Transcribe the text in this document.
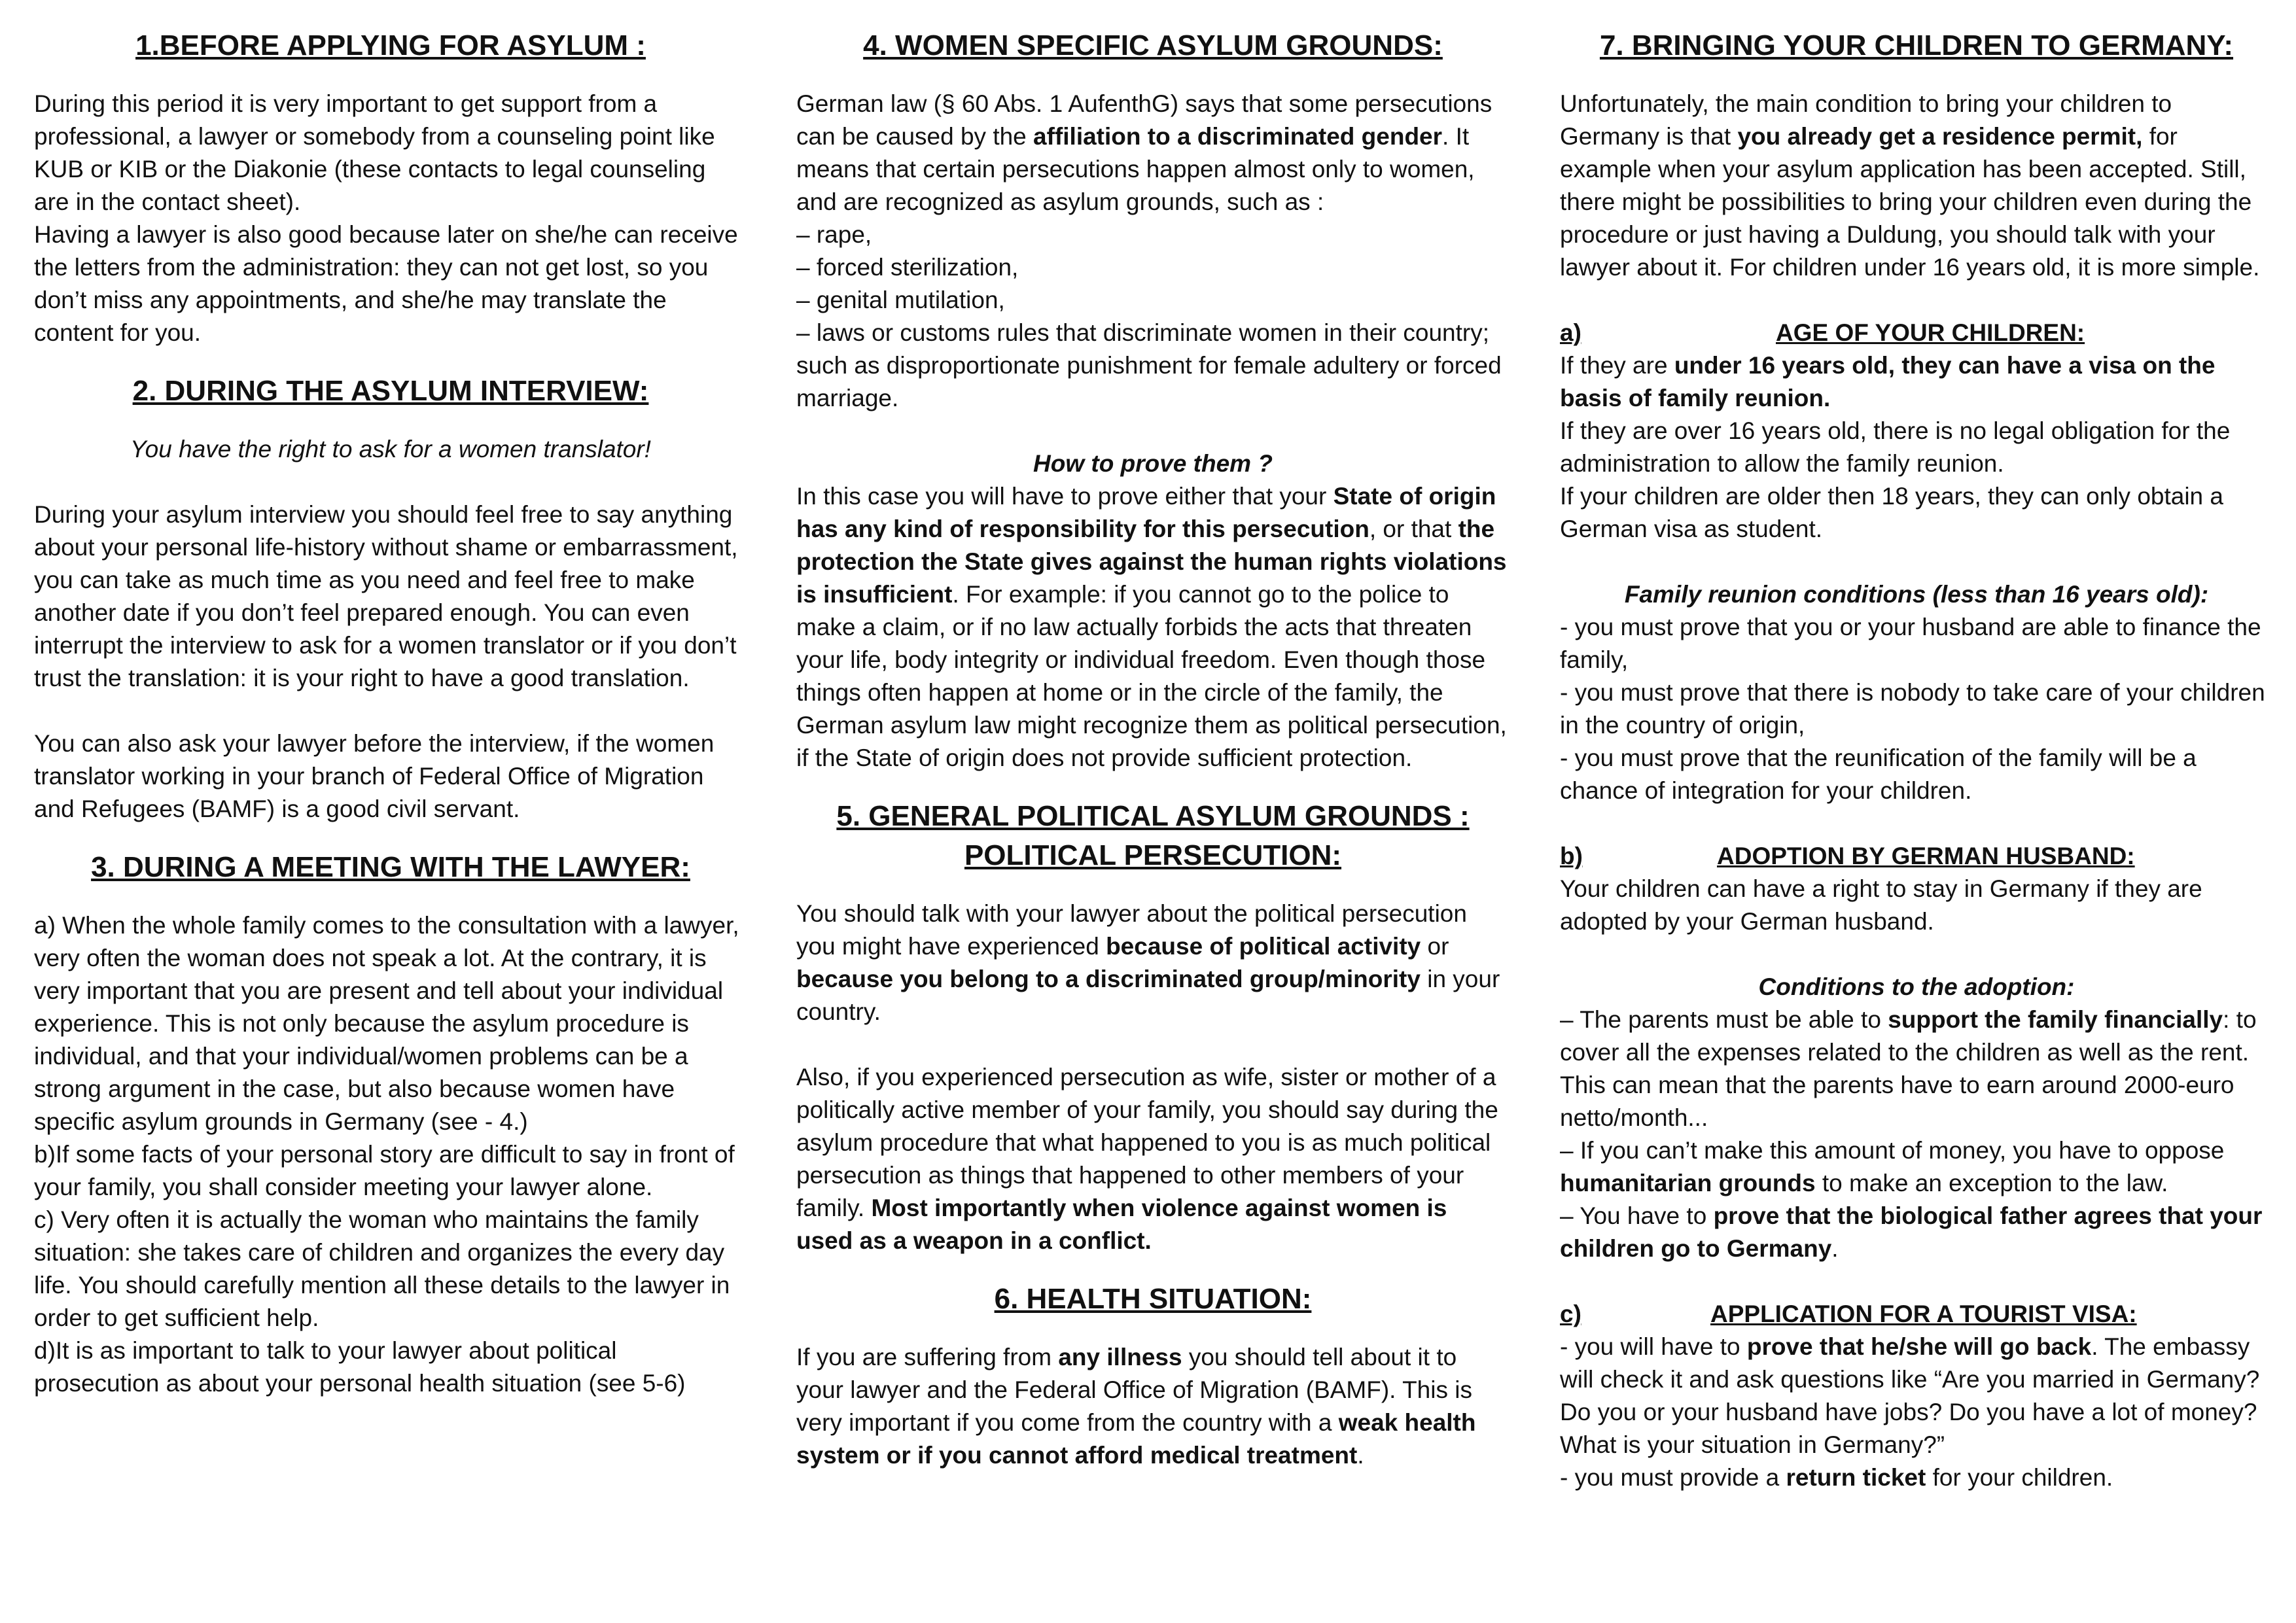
1.BEFORE APPLYING FOR ASYLUM :

During this period it is very important to get support from a professional, a lawyer or somebody from a counseling point like KUB or KIB or the Diakonie (these contacts to legal counseling are in the contact sheet).

Having a lawyer is also good because later on she/he can receive the letters from the administration: they can not get lost, so you don’t miss any appointments, and she/he may translate the content for you.

2. DURING THE ASYLUM INTERVIEW:

You have the right to ask for a women translator!

During your asylum interview you should feel free to say anything about your personal life-history without shame or embarrassment, you can take as much time as you need and feel free to make another date if you don’t feel prepared enough. You can even interrupt the interview to ask for a women translator or if you don’t trust the translation: it is your right to have a good translation.

You can also ask your lawyer before the interview, if the women translator working in your branch of Federal Office of Migration and Refugees (BAMF) is a good civil servant.

3. DURING A MEETING WITH THE LAWYER:

a) When the whole family comes to the consultation with a lawyer, very often the woman does not speak a lot. At the contrary, it is very important that you are present and tell about your individual experience. This is not only because the asylum procedure is individual, and that your individual/women problems can be a strong argument in the case, but also because women have specific asylum grounds in Germany (see - 4.)

b)If some facts of your personal story are difficult to say in front of your family, you shall consider meeting your lawyer alone.

c) Very often it is actually the woman who maintains the family situation: she takes care of children and organizes the every day life. You should carefully mention all these details to the lawyer in order to get sufficient help.

d)It is as important to talk to your lawyer about political prosecution as about your personal health situation (see 5-6)

4. WOMEN SPECIFIC ASYLUM GROUNDS:

German law (§ 60 Abs. 1 AufenthG) says that some persecutions can be caused by the affiliation to a discriminated gender. It means that certain persecutions happen almost only to women, and are recognized as asylum grounds, such as :

– rape,
– forced sterilization,
– genital mutilation,
– laws or customs rules that discriminate women in their country; such as disproportionate punishment for female adultery or forced marriage.

How to prove them ?

In this case you will have to prove either that your State of origin has any kind of responsibility for this persecution, or that the protection the State gives against the human rights violations is insufficient. For example: if you cannot go to the police to make a claim, or if no law actually forbids the acts that threaten your life, body integrity or individual freedom. Even though those things often happen at home or in the circle of the family, the German asylum law might recognize them as political persecution, if the State of origin does not provide sufficient protection.

5. GENERAL POLITICAL ASYLUM GROUNDS :
POLITICAL PERSECUTION:

You should talk with your lawyer about the political persecution you might have experienced because of political activity or because you belong to a discriminated group/minority in your country.

Also, if you experienced persecution as wife, sister or mother of a politically active member of your family, you should say during the asylum procedure that what happened to you is as much political persecution as things that happened to other members of your family. Most importantly when violence against women is used as a weapon in a conflict.

6. HEALTH SITUATION:

If you are suffering from any illness you should tell about it to your lawyer and the Federal Office of Migration (BAMF). This is very important if you come from the country with a weak health system or if you cannot afford medical treatment.

7. BRINGING YOUR CHILDREN TO GERMANY:

Unfortunately, the main condition to bring your children to Germany is that you already get a residence permit, for example when your asylum application has been accepted. Still, there might be possibilities to bring your children even during the procedure or just having a Duldung, you should talk with your lawyer about it. For children under 16 years old, it is more simple.

a)	AGE OF YOUR CHILDREN:

If they are under 16 years old, they can have a visa on the basis of family reunion.

If they are over 16 years old, there is no legal obligation for the administration to allow the family reunion.

If your children are older then 18 years, they can only obtain a German visa as student.

Family reunion conditions (less than 16 years old):

- you must prove that you or your husband are able to finance the family,
- you must prove that there is nobody to take care of your children in the country of origin,
- you must prove that the reunification of the family will be a chance of integration for your children.

b)	ADOPTION BY GERMAN HUSBAND:

Your children can have a right to stay in Germany if they are adopted by your German husband.

Conditions to the adoption:

– The parents must be able to support the family financially: to cover all the expenses related to the children as well as the rent. This can mean that the parents have to earn around 2000-euro netto/month...

– If you can’t make this amount of money, you have to oppose humanitarian grounds to make an exception to the law.

– You have to prove that the biological father agrees that your children go to Germany.

c)	APPLICATION FOR A TOURIST VISA:

- you will have to prove that he/she will go back. The embassy will check it and ask questions like “Are you married in Germany? Do you or your husband have jobs? Do you have a lot of money? What is your situation in Germany?”

- you must provide a return ticket for your children.
